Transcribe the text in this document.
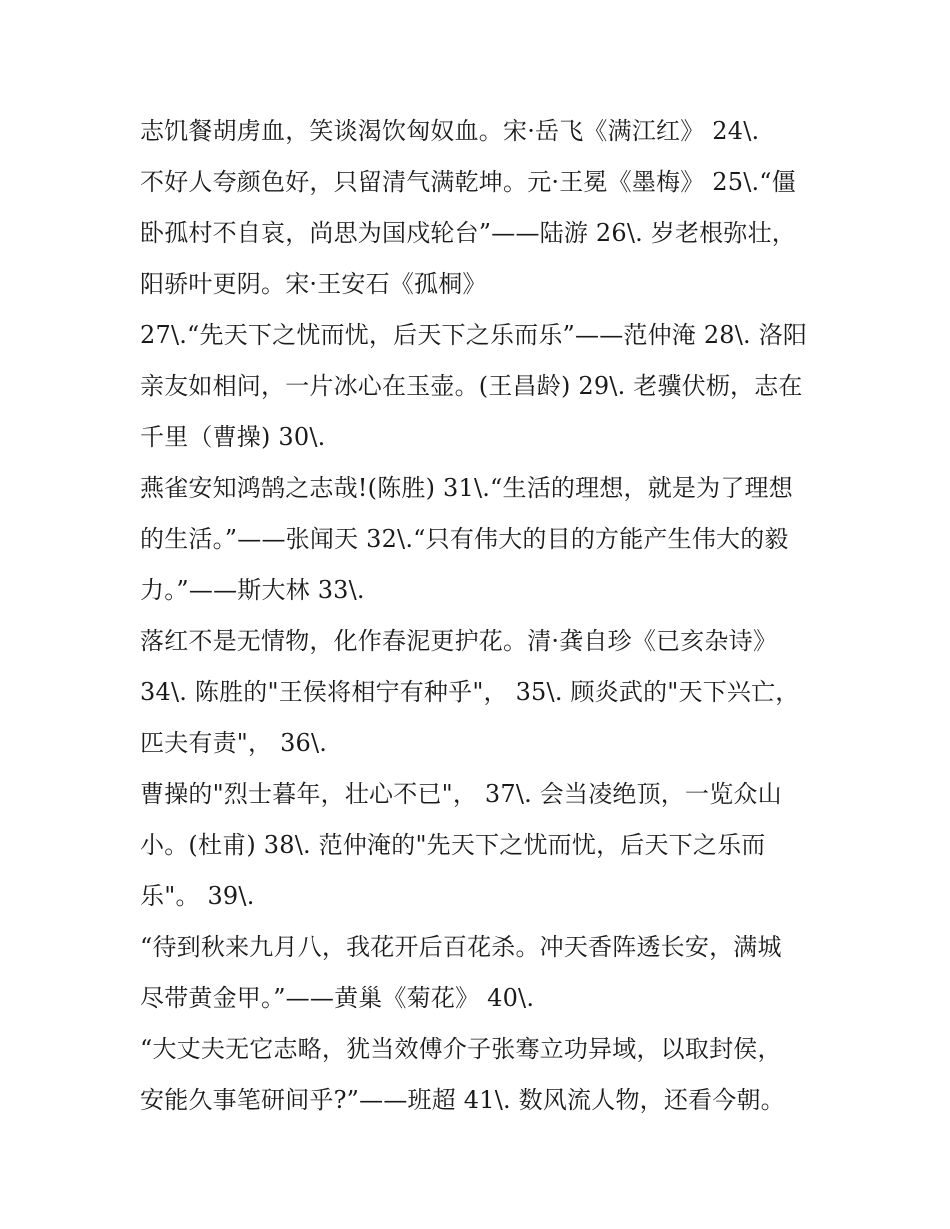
志饥餐胡虏血，笑谈渴饮匈奴血。宋·岳飞《满江红》 24\.
不好人夸颜色好，只留清气满乾坤。元·王冕《墨梅》 25\.“僵
卧孤村不自哀，尚思为国戍轮台”——陆游 26\. 岁老根弥壮，
阳骄叶更阴。宋·王安石《孤桐》
27\.“先天下之忧而忧，后天下之乐而乐”——范仲淹 28\. 洛阳
亲友如相问，一片冰心在玉壶。(王昌龄) 29\. 老骥伏枥，志在
千里（曹操) 30\.
燕雀安知鸿鹄之志哉!(陈胜) 31\.“生活的理想，就是为了理想
的生活。”——张闻天 32\.“只有伟大的目的方能产生伟大的毅
力。”——斯大林 33\.
落红不是无情物，化作春泥更护花。清·龚自珍《已亥杂诗》
34\. 陈胜的"王侯将相宁有种乎"， 35\. 顾炎武的"天下兴亡，
匹夫有责"， 36\.
曹操的"烈士暮年，壮心不已"， 37\. 会当凌绝顶，一览众山
小。(杜甫) 38\. 范仲淹的"先天下之忧而忧，后天下之乐而
乐"。 39\.
“待到秋来九月八，我花开后百花杀。冲天香阵透长安，满城
尽带黄金甲。”——黄巢《菊花》 40\.
“大丈夫无它志略，犹当效傅介子张骞立功异域，以取封侯，
安能久事笔研间乎?”——班超 41\. 数风流人物，还看今朝。
